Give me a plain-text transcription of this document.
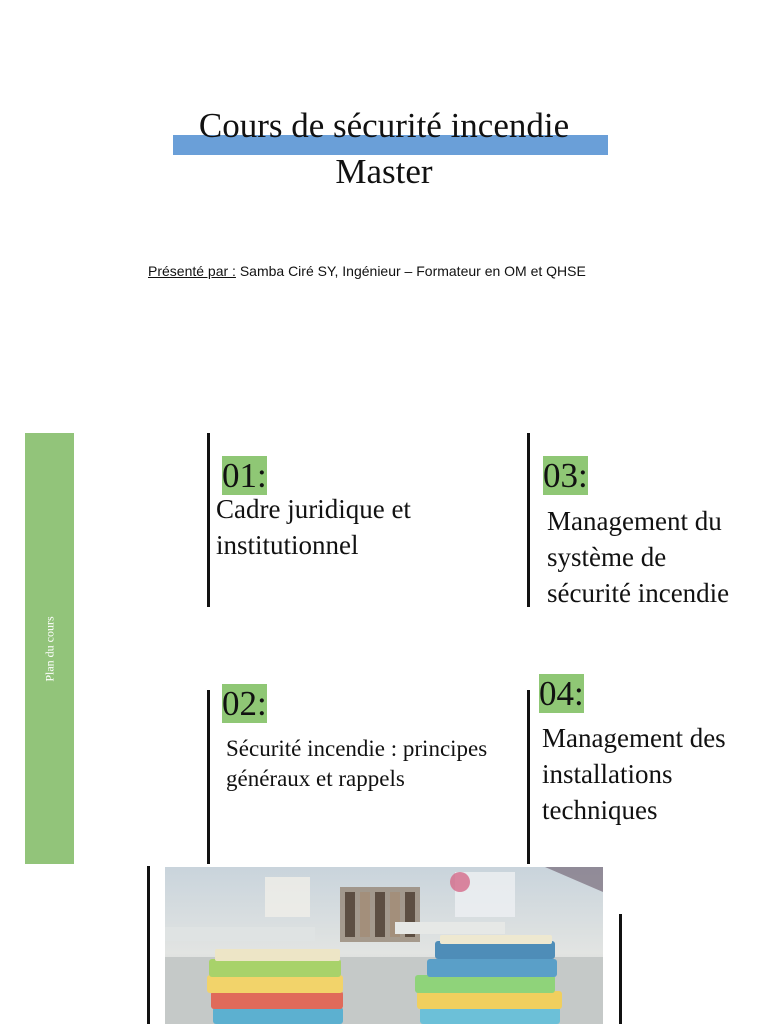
Cours de sécurité incendie
Master
Présenté par : Samba Ciré SY, Ingénieur – Formateur en OM et QHSE
Plan du cours
01:
Cadre juridique et
institutionnel
03:
Management du
système de
sécurité incendie
02:
Sécurité incendie : principes
généraux et rappels
04:
Management des
installations
techniques
